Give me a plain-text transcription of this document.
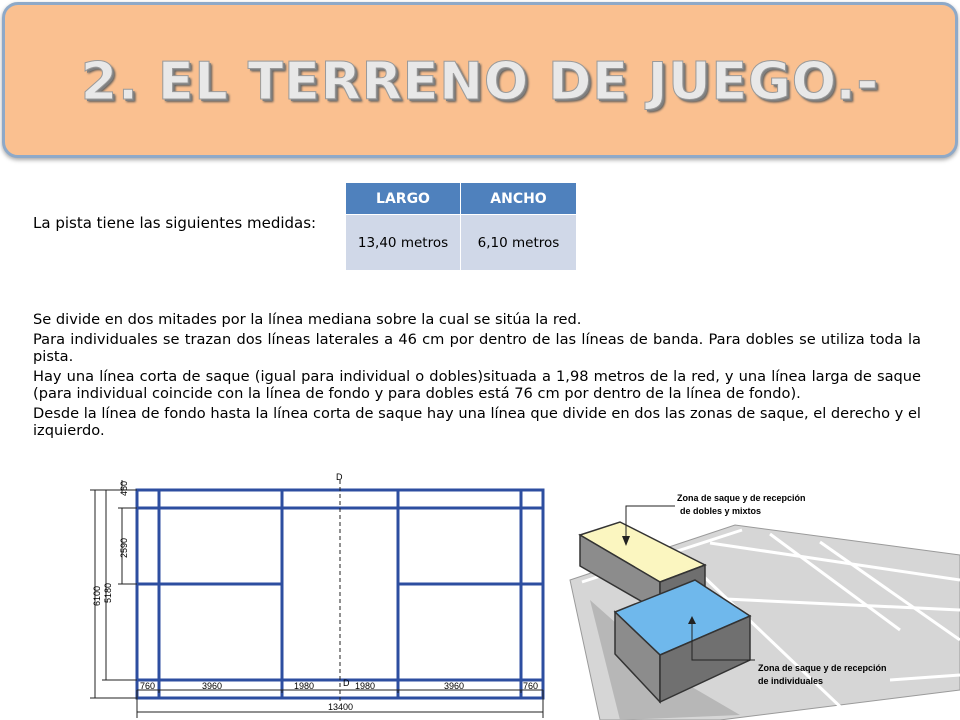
2. EL TERRENO DE JUEGO.-
La pista tiene las siguientes medidas:
LARGO	ANCHO
13,40 metros	6,10 metros

Se divide en dos mitades por la línea mediana sobre la cual se sitúa la red.

Para individuales se trazan dos líneas laterales a 46 cm por dentro de las líneas de banda. Para dobles se utiliza toda la pista.

Hay una línea corta de saque (igual para individual o dobles)situada a 1,98 metros de la red, y una línea larga de saque (para individual coincide con la línea de fondo y para dobles está 76 cm por dentro de la línea de fondo).

Desde la línea de fondo hasta la línea corta de saque hay una línea que divide en dos las zonas de saque, el derecho y el izquierdo.

D
D
460
2590
5180
6100
760	3960	1980	1980	3960	760
13400
Zona de saque y de recepción
de dobles y mixtos
Zona de saque y de recepción
de individuales
